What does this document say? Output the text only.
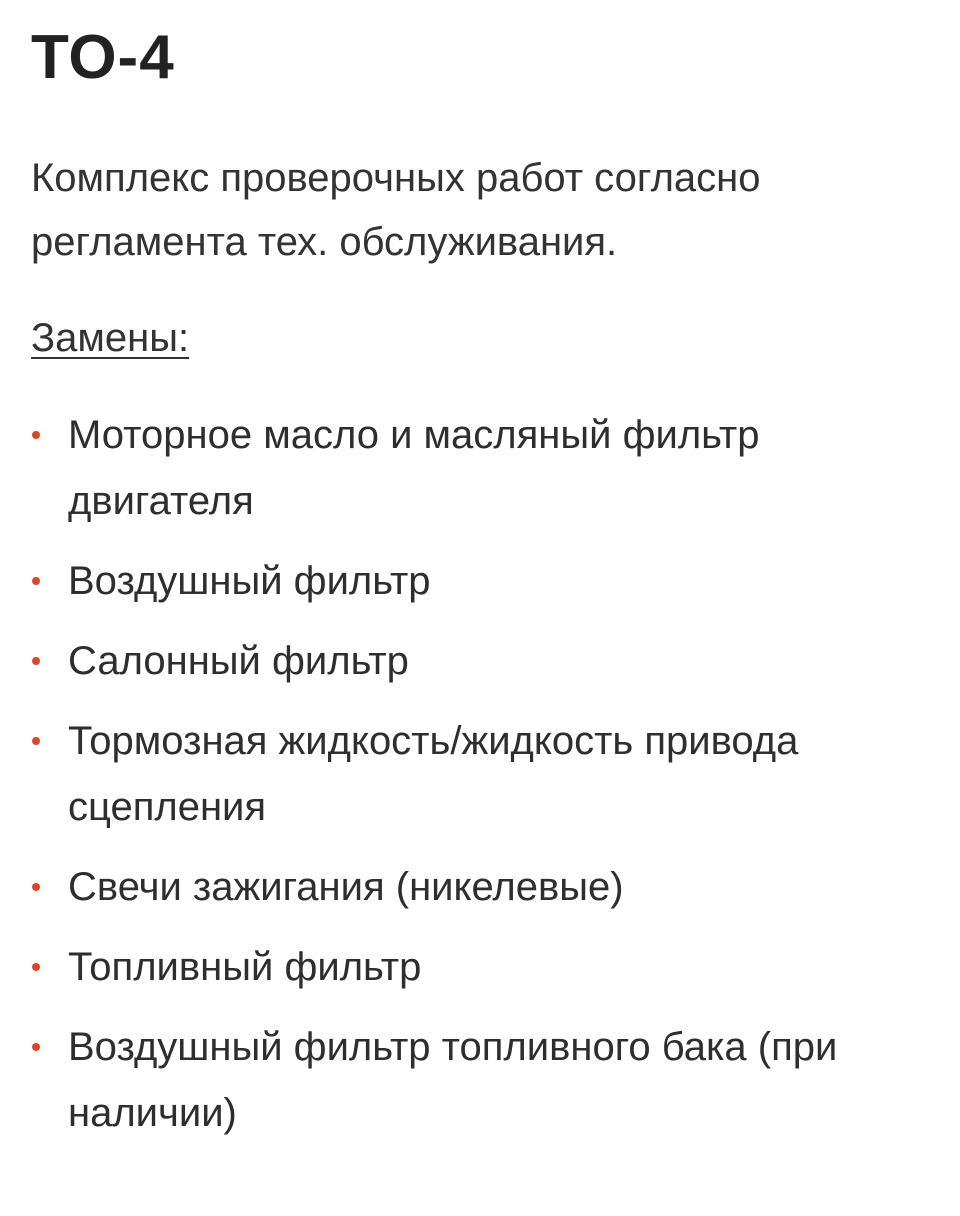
ТО-4

Комплекс проверочных работ согласно регламента тех. обслуживания.

Замены:

Моторное масло и масляный фильтр двигателя
Воздушный фильтр
Салонный фильтр
Тормозная жидкость/жидкость привода сцепления
Свечи зажигания (никелевые)
Топливный фильтр
Воздушный фильтр топливного бака (при наличии)
